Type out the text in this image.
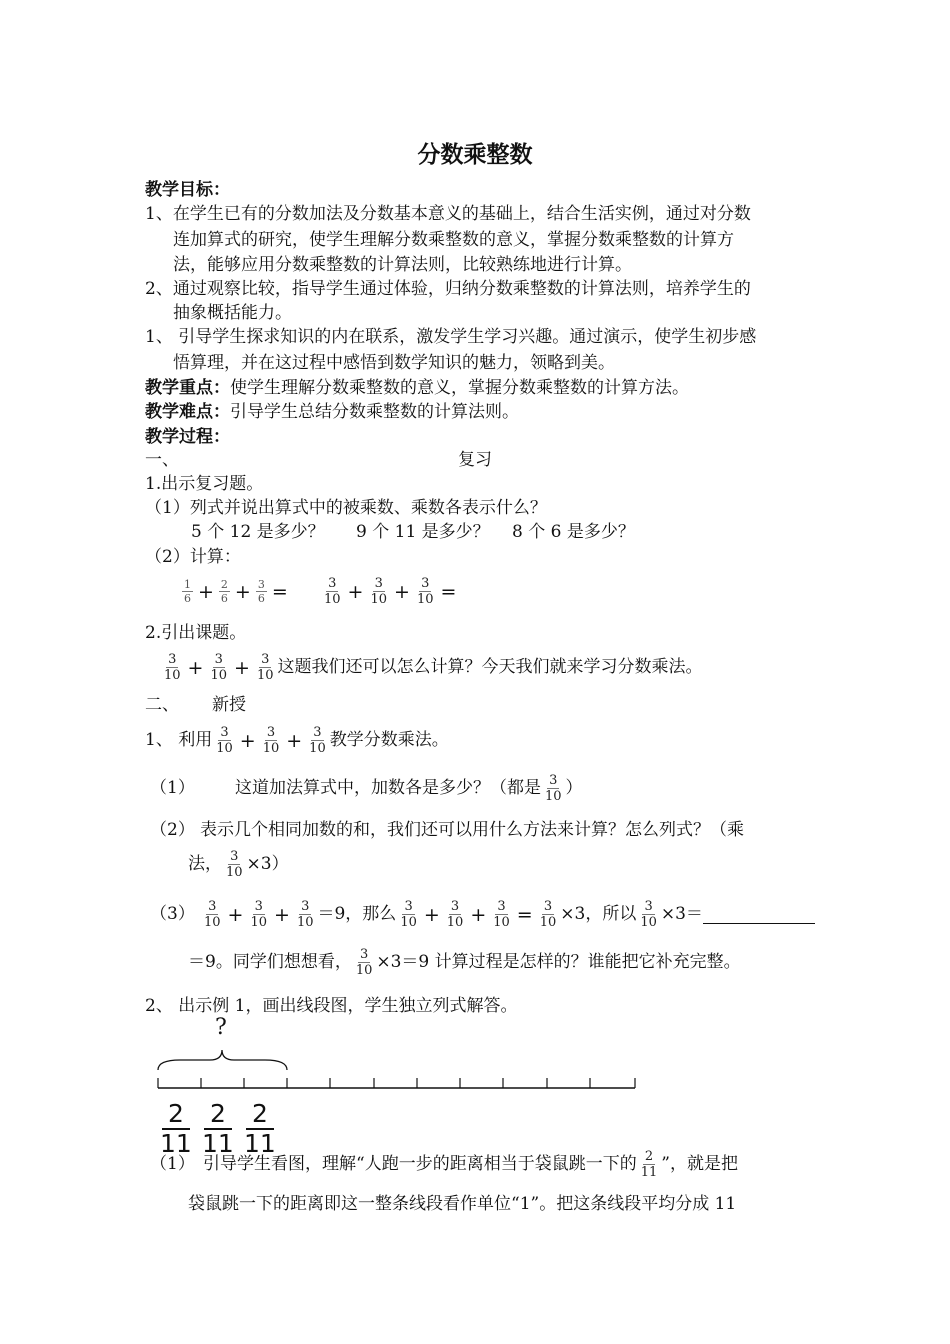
分数乘整数
教学目标：
1、在学生已有的分数加法及分数基本意义的基础上，结合生活实例，通过对分数
连加算式的研究，使学生理解分数乘整数的意义，掌握分数乘整数的计算方
法，能够应用分数乘整数的计算法则，比较熟练地进行计算。
2、通过观察比较，指导学生通过体验，归纳分数乘整数的计算法则，培养学生的
抽象概括能力。
1、 引导学生探求知识的内在联系，激发学生学习兴趣。通过演示，使学生初步感
悟算理，并在这过程中感悟到数学知识的魅力，领略到美。
教学重点：使学生理解分数乘整数的意义，掌握分数乘整数的计算方法。
教学难点：引导学生总结分数乘整数的计算法则。
教学过程：
一、	复习
1.出示复习题。
（1）列式并说出算式中的被乘数、乘数各表示什么？
5 个 12 是多少？ 9 个 11 是多少？ 8 个 6 是多少？
（2）计算：
$\frac{1}{6} + \frac{2}{6} + \frac{3}{6}$ =	$\frac{3}{10} + \frac{3}{10} + \frac{3}{10}$ =
2.引出课题。
$\frac{3}{10} + \frac{3}{10} + \frac{3}{10}$ 这题我们还可以怎么计算？今天我们就来学习分数乘法。
二、 新授
1、 利用 $\frac{3}{10} + \frac{3}{10} + \frac{3}{10}$ 教学分数乘法。
（1） 这道加法算式中，加数各是多少？（都是 $\frac{3}{10}$ ）
（2） 表示几个相同加数的和，我们还可以用什么方法来计算？怎么列式？（乘
法， $\frac{3}{10} \times 3$）
$(3) \frac{3}{10} + \frac{3}{10} + \frac{3}{10} =9$，那么 $\frac{3}{10} + \frac{3}{10} + \frac{3}{10} = \frac{3}{10} \times 3$，所以 $\frac{3}{10} \times 3=$
＝9。同学们想想看， $\frac{3}{10} \times 3=9$ 计算过程是怎样的？谁能把它补充完整。
2、 出示例 1，画出线段图，学生独立列式解答。
?
2
11
2
11
2
11
（1） 引导学生看图，理解“人跑一步的距离相当于袋鼠跳一下的 $\frac{2}{11}$ ”，就是把
袋鼠跳一下的距离即这一整条线段看作单位“1”。把这条线段平均分成 11
